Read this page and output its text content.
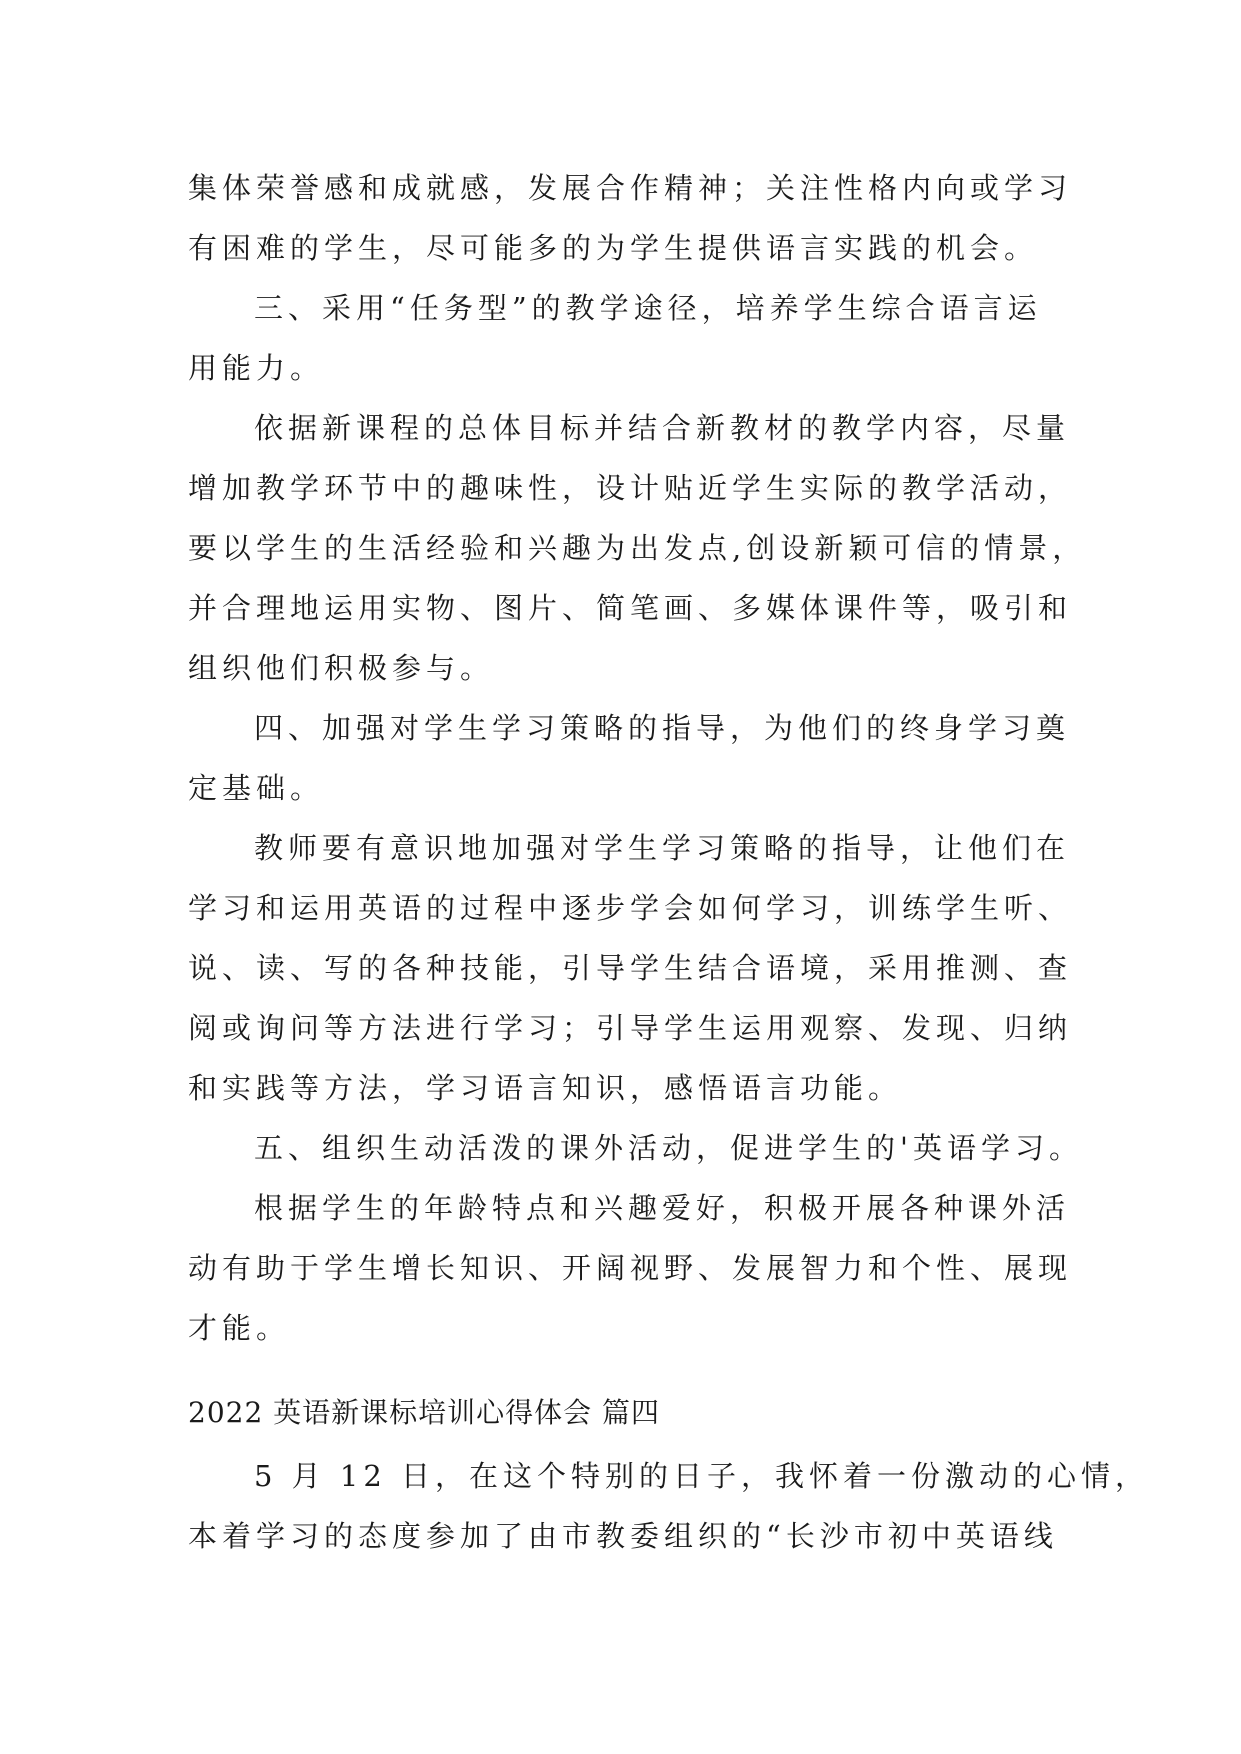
集体荣誉感和成就感，发展合作精神；关注性格内向或学习
有困难的学生，尽可能多的为学生提供语言实践的机会。
三、采用“任务型”的教学途径，培养学生综合语言运
用能力。
依据新课程的总体目标并结合新教材的教学内容，尽量
增加教学环节中的趣味性，设计贴近学生实际的教学活动，
要以学生的生活经验和兴趣为出发点,创设新颖可信的情景，
并合理地运用实物、图片、简笔画、多媒体课件等，吸引和
组织他们积极参与。
四、加强对学生学习策略的指导，为他们的终身学习奠
定基础。
教师要有意识地加强对学生学习策略的指导，让他们在
学习和运用英语的过程中逐步学会如何学习，训练学生听、
说、读、写的各种技能，引导学生结合语境，采用推测、查
阅或询问等方法进行学习；引导学生运用观察、发现、归纳
和实践等方法，学习语言知识，感悟语言功能。
五、组织生动活泼的课外活动，促进学生的'英语学习。
根据学生的年龄特点和兴趣爱好，积极开展各种课外活
动有助于学生增长知识、开阔视野、发展智力和个性、展现
才能。
2022 英语新课标培训心得体会 篇四
5 月 12 日，在这个特别的日子，我怀着一份激动的心情，
本着学习的态度参加了由市教委组织的“长沙市初中英语线
